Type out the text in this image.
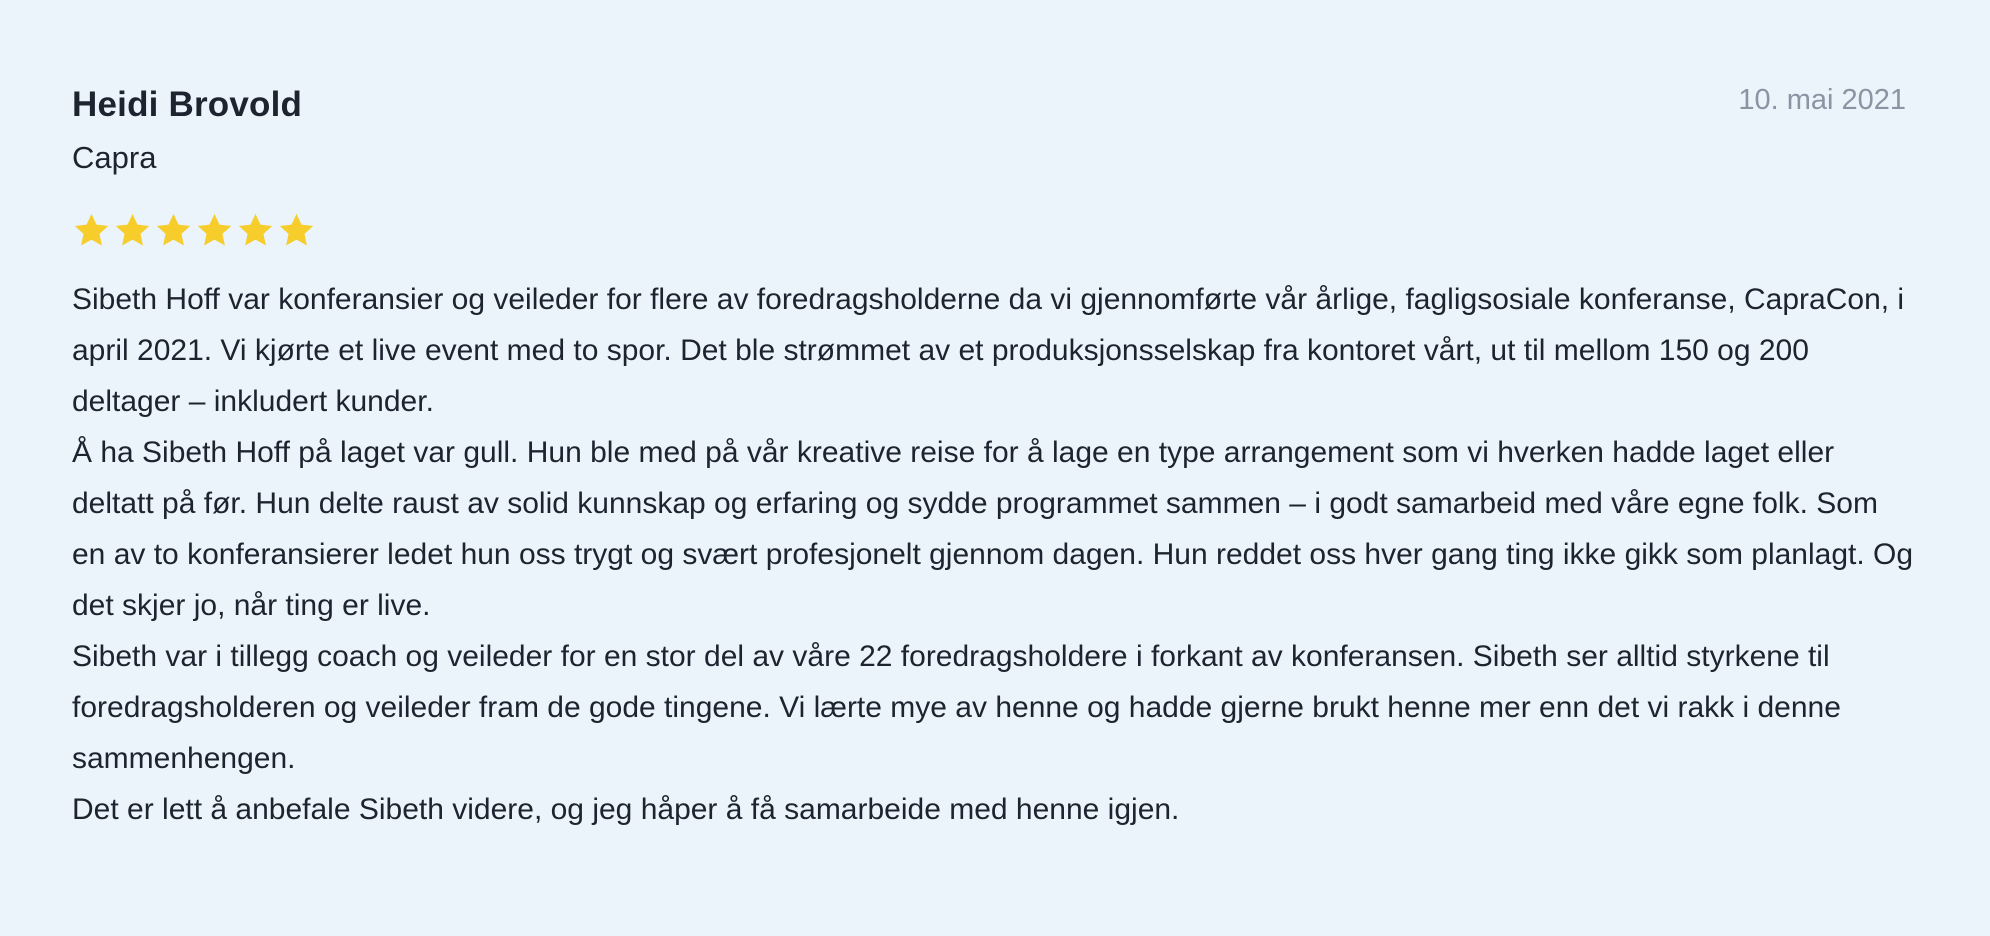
Heidi Brovold	10. mai 2021
Capra

Sibeth Hoff var konferansier og veileder for flere av foredragsholderne da vi gjennomførte vår årlige, fagligsosiale konferanse, CapraCon, i april 2021. Vi kjørte et live event med to spor. Det ble strømmet av et produksjonsselskap fra kontoret vårt, ut til mellom 150 og 200 deltager – inkludert kunder.

Å ha Sibeth Hoff på laget var gull. Hun ble med på vår kreative reise for å lage en type arrangement som vi hverken hadde laget eller deltatt på før. Hun delte raust av solid kunnskap og erfaring og sydde programmet sammen – i godt samarbeid med våre egne folk. Som en av to konferansierer ledet hun oss trygt og svært profesjonelt gjennom dagen. Hun reddet oss hver gang ting ikke gikk som planlagt. Og det skjer jo, når ting er live.

Sibeth var i tillegg coach og veileder for en stor del av våre 22 foredragsholdere i forkant av konferansen. Sibeth ser alltid styrkene til foredragsholderen og veileder fram de gode tingene. Vi lærte mye av henne og hadde gjerne brukt henne mer enn det vi rakk i denne sammenhengen.

Det er lett å anbefale Sibeth videre, og jeg håper å få samarbeide med henne igjen.
